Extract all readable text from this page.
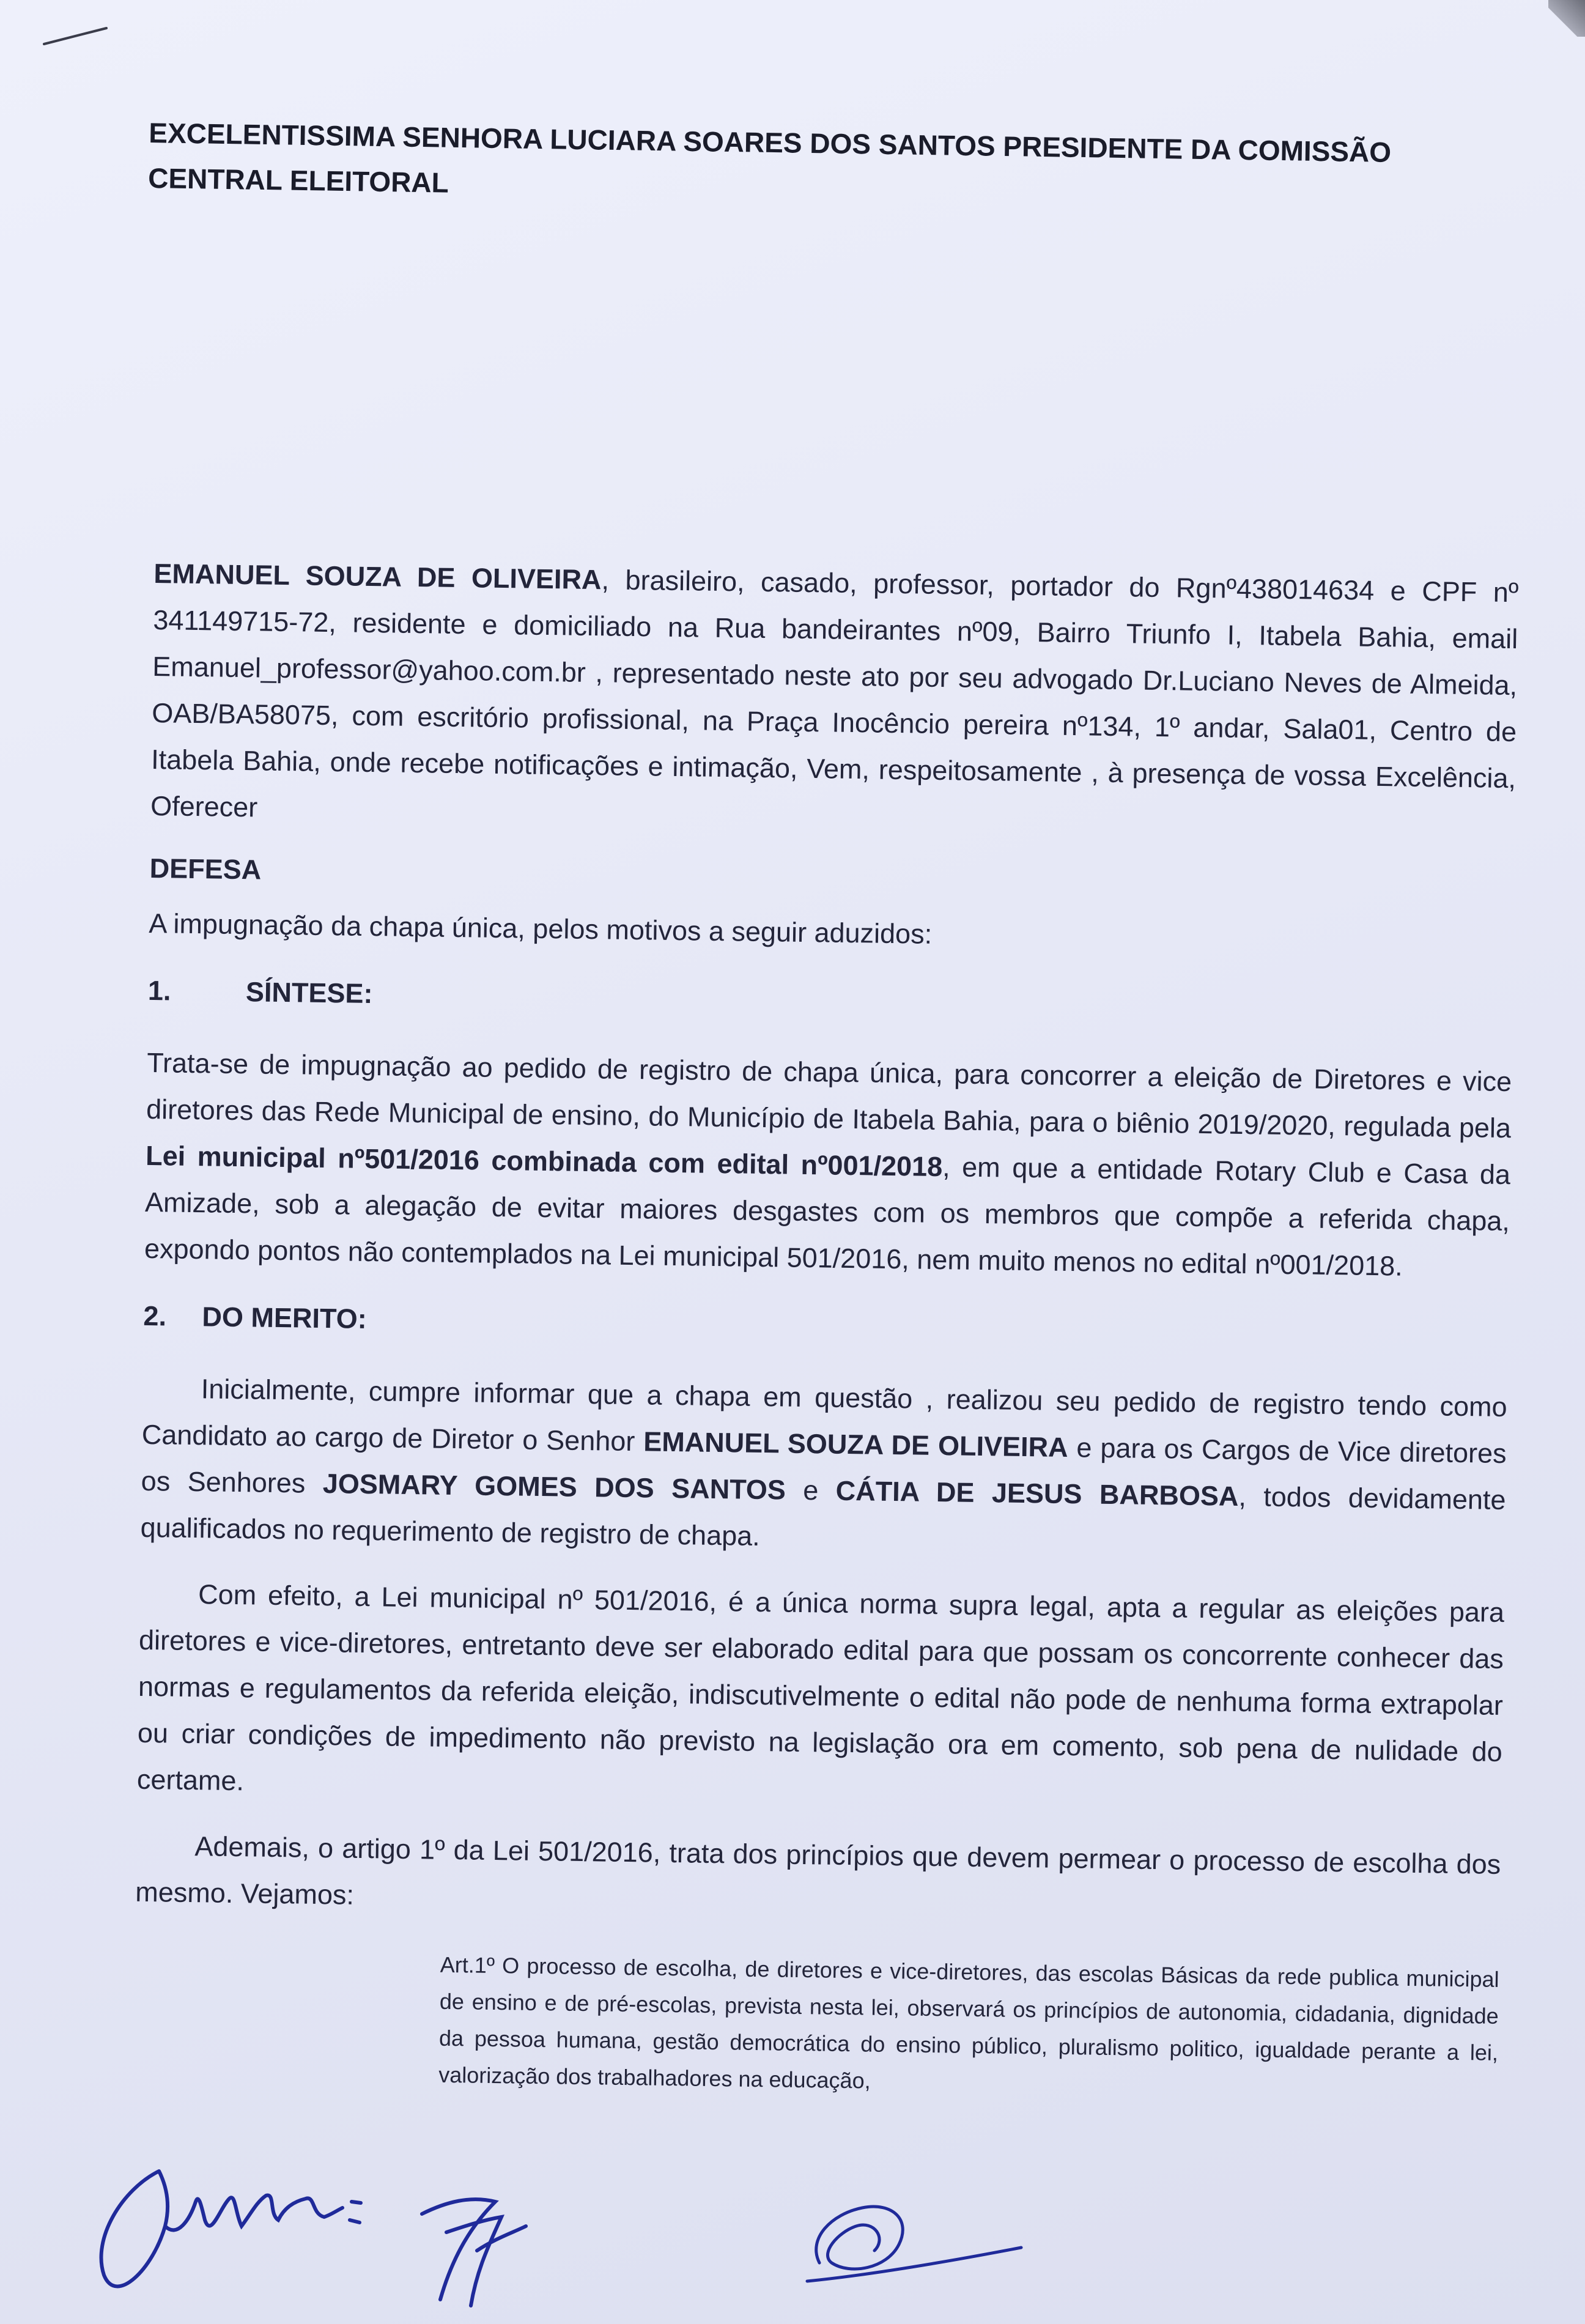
EXCELENTISSIMA SENHORA LUCIARA SOARES DOS SANTOS PRESIDENTE DA COMISSÃO CENTRAL ELEITORAL

EMANUEL SOUZA DE OLIVEIRA, brasileiro, casado, professor, portador do Rgnº438014634 e CPF nº 341149715-72, residente e domiciliado na Rua bandeirantes nº09, Bairro Triunfo I, Itabela Bahia, email Emanuel_professor@yahoo.com.br , representado neste ato por seu advogado Dr.Luciano Neves de Almeida, OAB/BA58075, com escritório profissional, na Praça Inocêncio pereira nº134, 1º andar, Sala01, Centro de Itabela Bahia, onde recebe notificações e intimação, Vem, respeitosamente , à presença de vossa Excelência, Oferecer

DEFESA

A impugnação da chapa única, pelos motivos a seguir aduzidos:

1.	SÍNTESE:

Trata-se de impugnação ao pedido de registro de chapa única, para concorrer a eleição de Diretores e vice diretores das Rede Municipal de ensino, do Município de Itabela Bahia, para o biênio 2019/2020, regulada pela Lei municipal nº501/2016 combinada com edital nº001/2018, em que a entidade Rotary Club e Casa da Amizade, sob a alegação de evitar maiores desgastes com os membros que compõe a referida chapa, expondo pontos não contemplados na Lei municipal 501/2016, nem muito menos no edital nº001/2018.

2. DO MERITO:

Inicialmente, cumpre informar que a chapa em questão , realizou seu pedido de registro tendo como Candidato ao cargo de Diretor o Senhor EMANUEL SOUZA DE OLIVEIRA e para os Cargos de Vice diretores os Senhores JOSMARY GOMES DOS SANTOS e CÁTIA DE JESUS BARBOSA, todos devidamente qualificados no requerimento de registro de chapa.

Com efeito, a Lei municipal nº 501/2016, é a única norma supra legal, apta a regular as eleições para diretores e vice-diretores, entretanto deve ser elaborado edital para que possam os concorrente conhecer das normas e regulamentos da referida eleição, indiscutivelmente o edital não pode de nenhuma forma extrapolar ou criar condições de impedimento não previsto na legislação ora em comento, sob pena de nulidade do certame.

Ademais, o artigo 1º da Lei 501/2016, trata dos princípios que devem permear o processo de escolha dos mesmo. Vejamos:

Art.1º O processo de escolha, de diretores e vice-diretores, das escolas Básicas da rede publica municipal de ensino e de pré-escolas, prevista nesta lei, observará os princípios de autonomia, cidadania, dignidade da pessoa humana, gestão democrática do ensino público, pluralismo politico, igualdade perante a lei, valorização dos trabalhadores na educação,
